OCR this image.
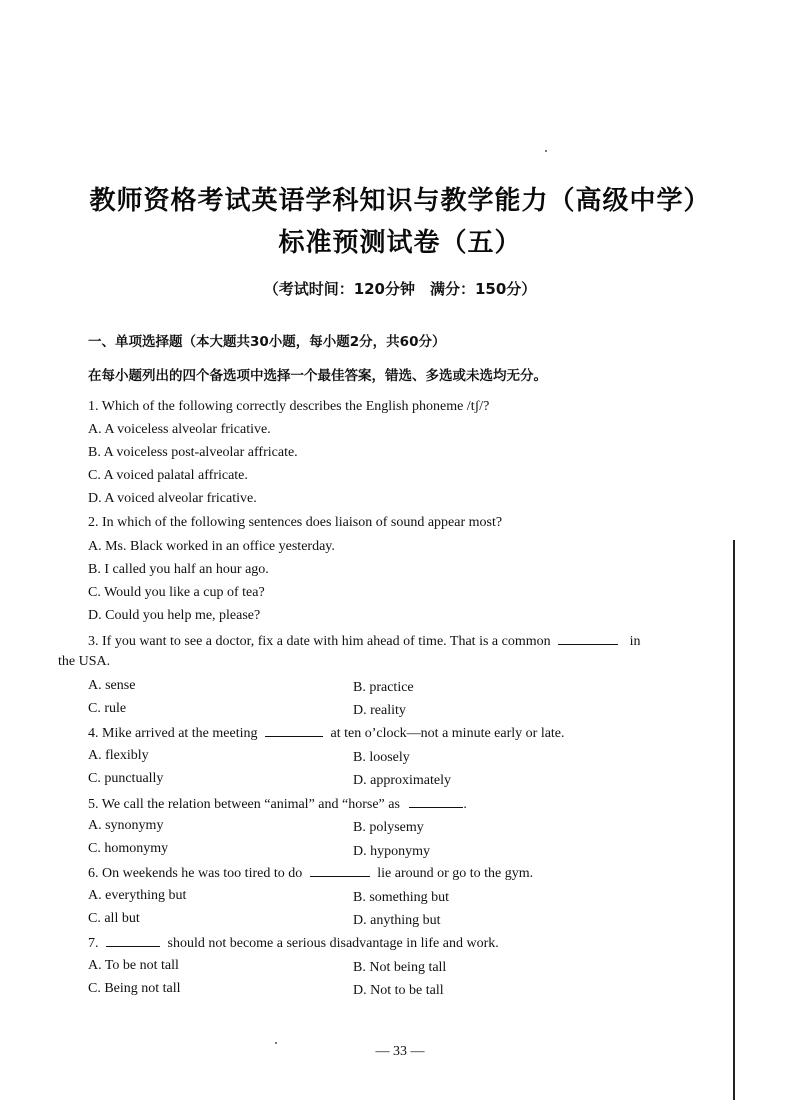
教师资格考试英语学科知识与教学能力（高级中学）
标准预测试卷（五）
（考试时间：120分钟　满分：150分）
一、单项选择题（本大题共30小题，每小题2分，共60分）
在每小题列出的四个备选项中选择一个最佳答案，错选、多选或未选均无分。
1. Which of the following correctly describes the English phoneme /tʃ/?
A. A voiceless alveolar fricative.
B. A voiceless post-alveolar affricate.
C. A voiced palatal affricate.
D. A voiced alveolar fricative.
2. In which of the following sentences does liaison of sound appear most?
A. Ms. Black worked in an office yesterday.
B. I called you half an hour ago.
C. Would you like a cup of tea?
D. Could you help me, please?
3. If you want to see a doctor, fix a date with him ahead of time. That is a common	in
the USA.
A. sense	B. practice
C. rule	D. reality
4. Mike arrived at the meeting	at ten o’clock—not a minute early or late.
A. flexibly	B. loosely
C. punctually	D. approximately
5. We call the relation between “animal” and “horse” as	.
A. synonymy	B. polysemy
C. homonymy	D. hyponymy
6. On weekends he was too tired to do	lie around or go to the gym.
A. everything but	B. something but
C. all but	D. anything but
7.	should not become a serious disadvantage in life and work.
A. To be not tall	B. Not being tall
C. Being not tall	D. Not to be tall
— 33 —
